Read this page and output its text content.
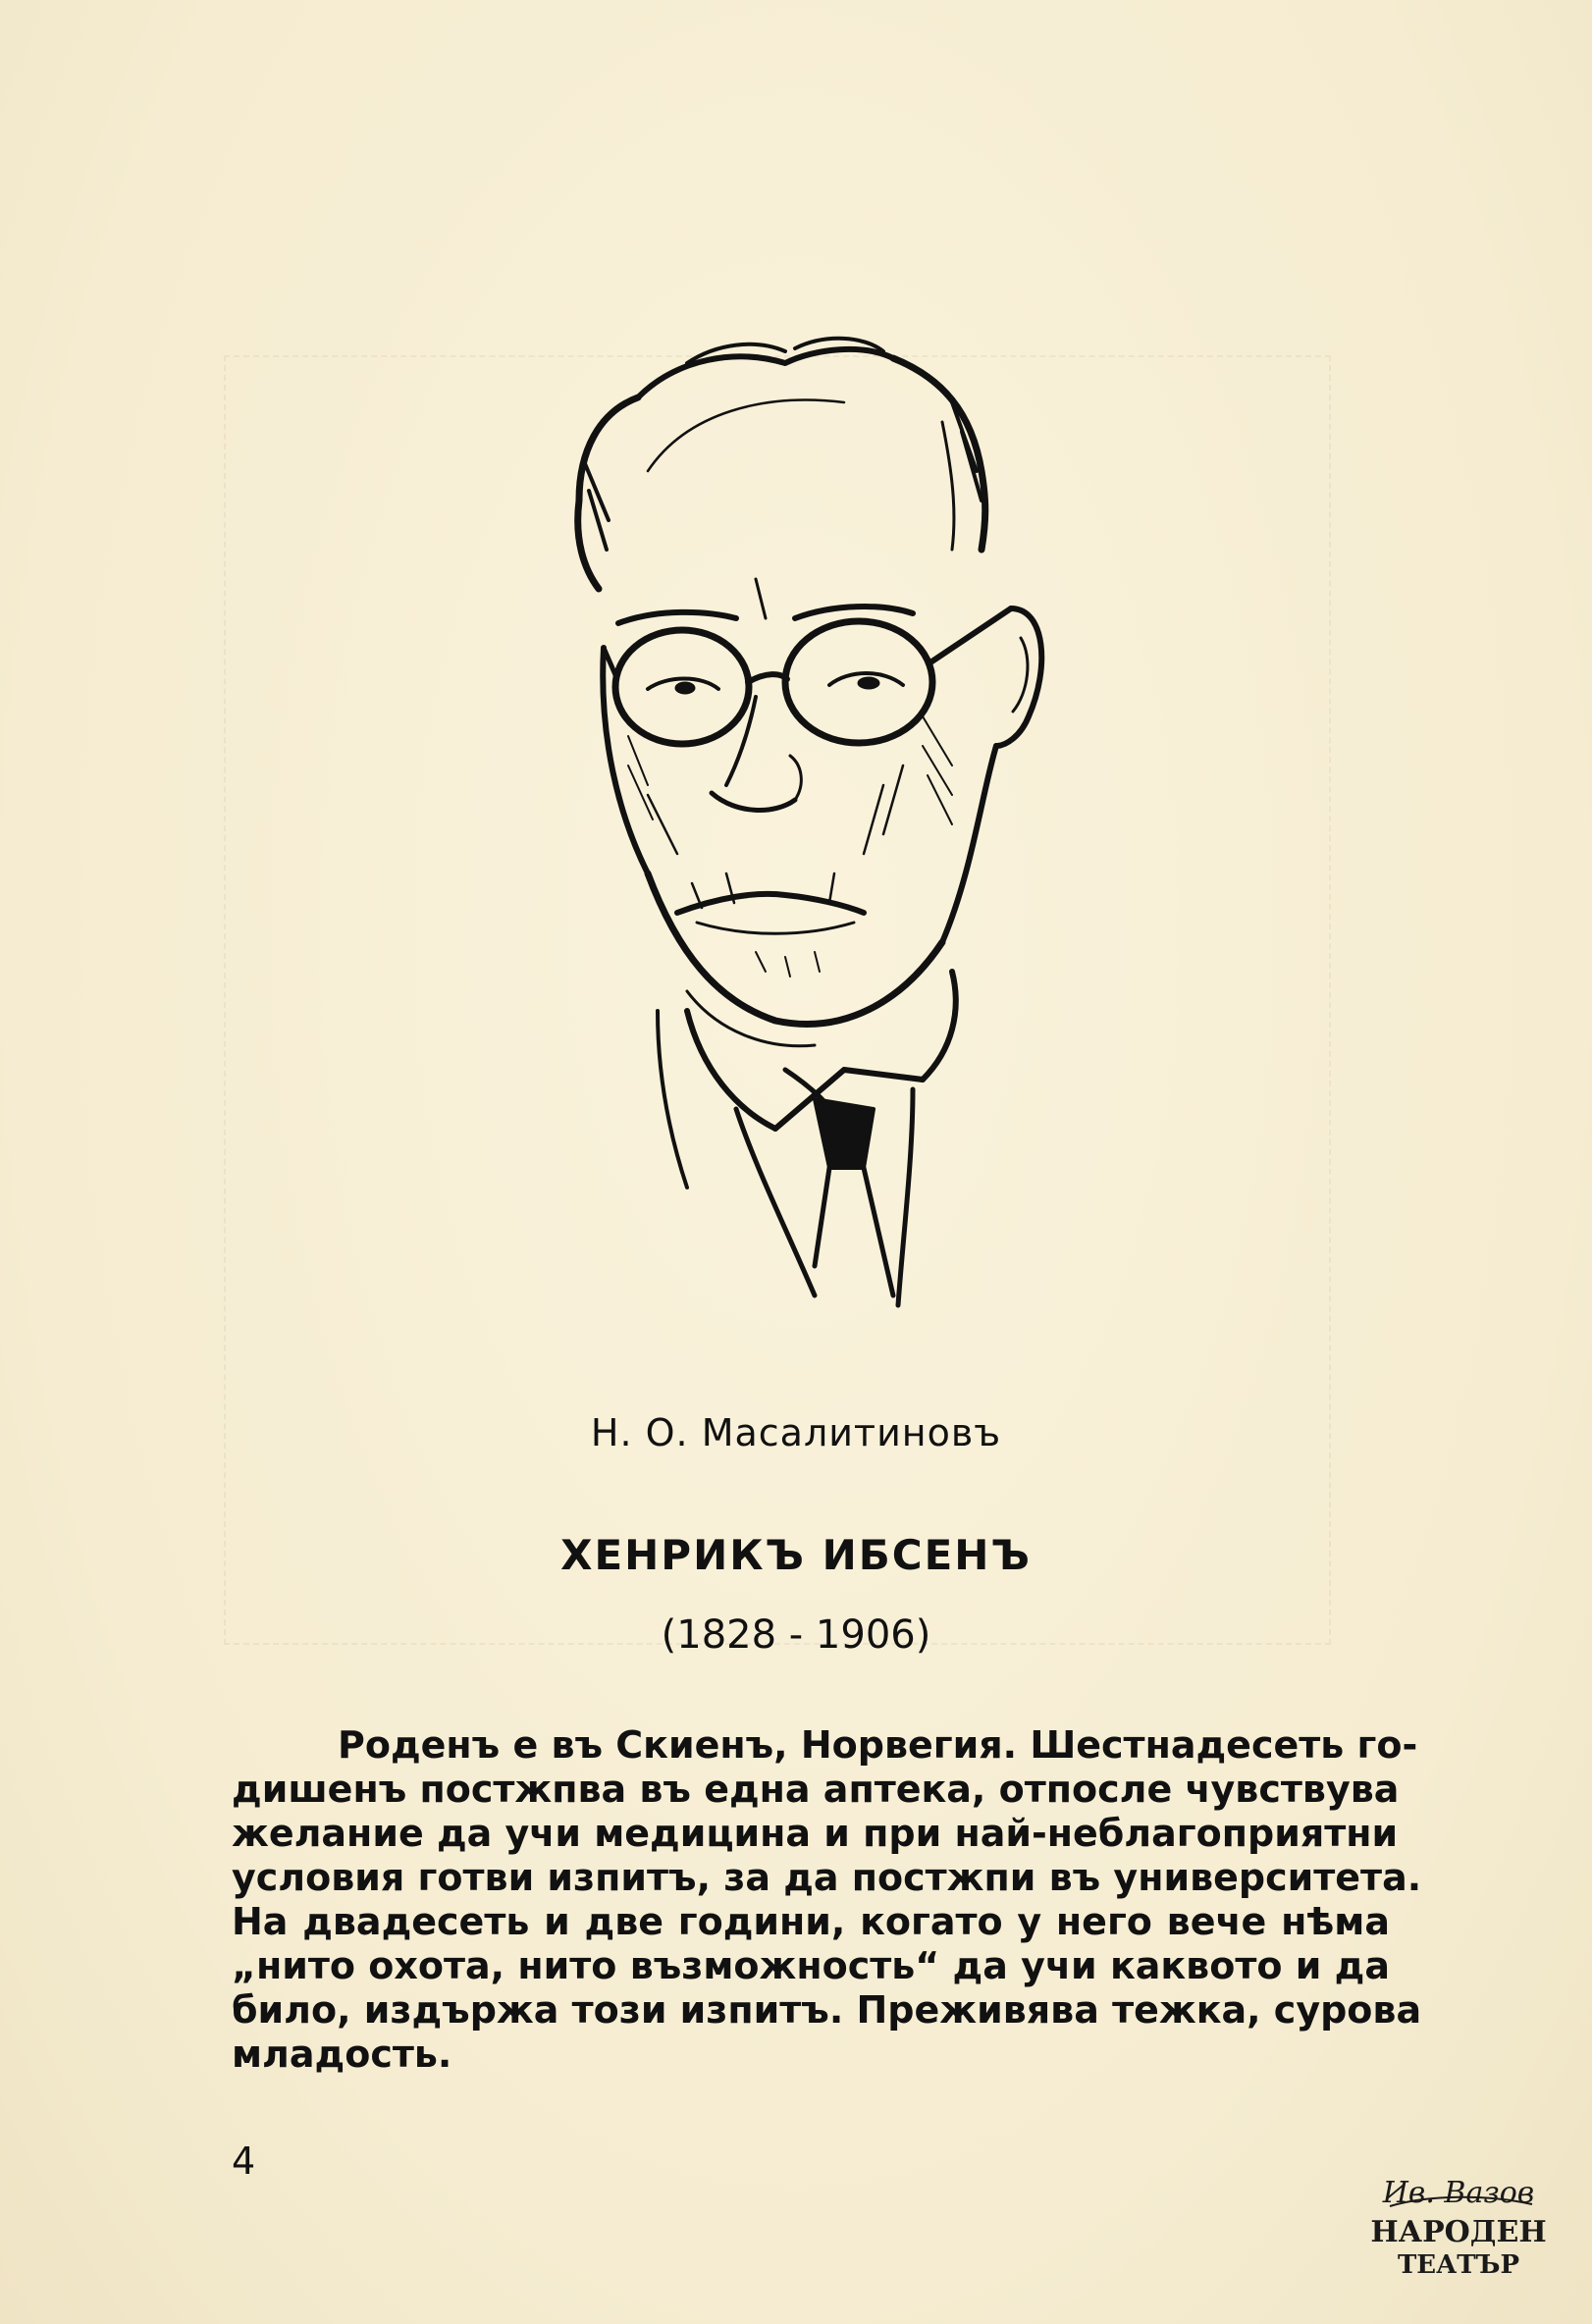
Н. О. Масалитиновъ
ХЕНРИКЪ ИБСЕНЪ
(1828 - 1906)
Роденъ е въ Скиенъ, Норвегия. Шестнадесеть го-
дишенъ постжпва въ една аптека, отпосле чувствува
желание да учи медицина и при най-неблагоприятни
условия готви изпитъ, за да постжпи въ университета.
На двадесеть и две години, когато у него вече нѣма
„нито охота, нито възможность“ да учи каквото и да
било, издържа този изпитъ. Преживява тежка, сурова
младость.
4
Ив. Вазов
НАРОДЕН
ТЕАТЪР
